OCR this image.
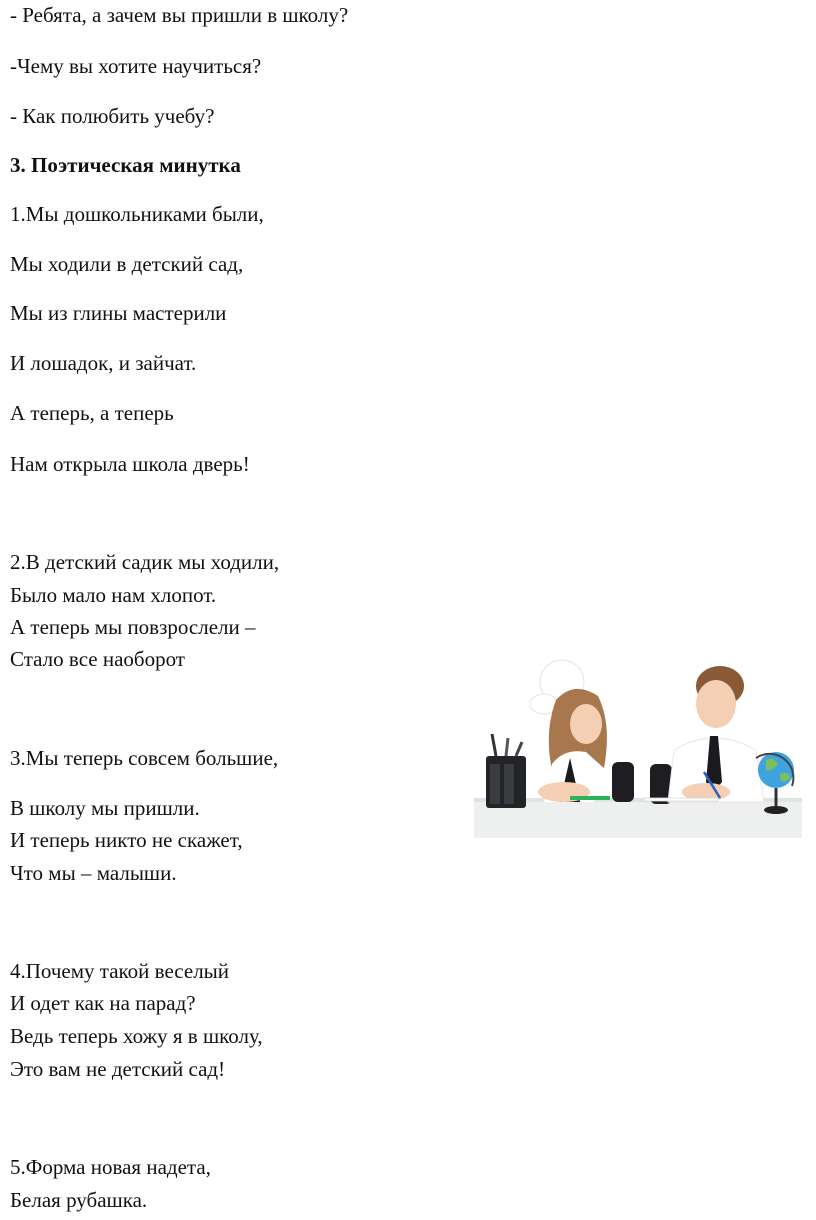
- Ребята, а зачем вы пришли в школу?
-Чему вы хотите научиться?
- Как полюбить учебу?
3. Поэтическая минутка
1.Мы дошкольниками были,
Мы ходили в детский сад,
Мы из глины мастерили
И лошадок, и зайчат.
А теперь, а теперь
Нам открыла школа дверь!
2.В детский садик мы ходили,
Было мало нам хлопот.
А теперь мы повзрослели –
Стало все наоборот
3.Мы теперь совсем большие,
В школу мы пришли.
И теперь никто не скажет,
Что мы – малыши.
4.Почему такой веселый
И одет как на парад?
Ведь теперь хожу я в школу,
Это вам не детский сад!
5.Форма новая надета,
Белая рубашка.
